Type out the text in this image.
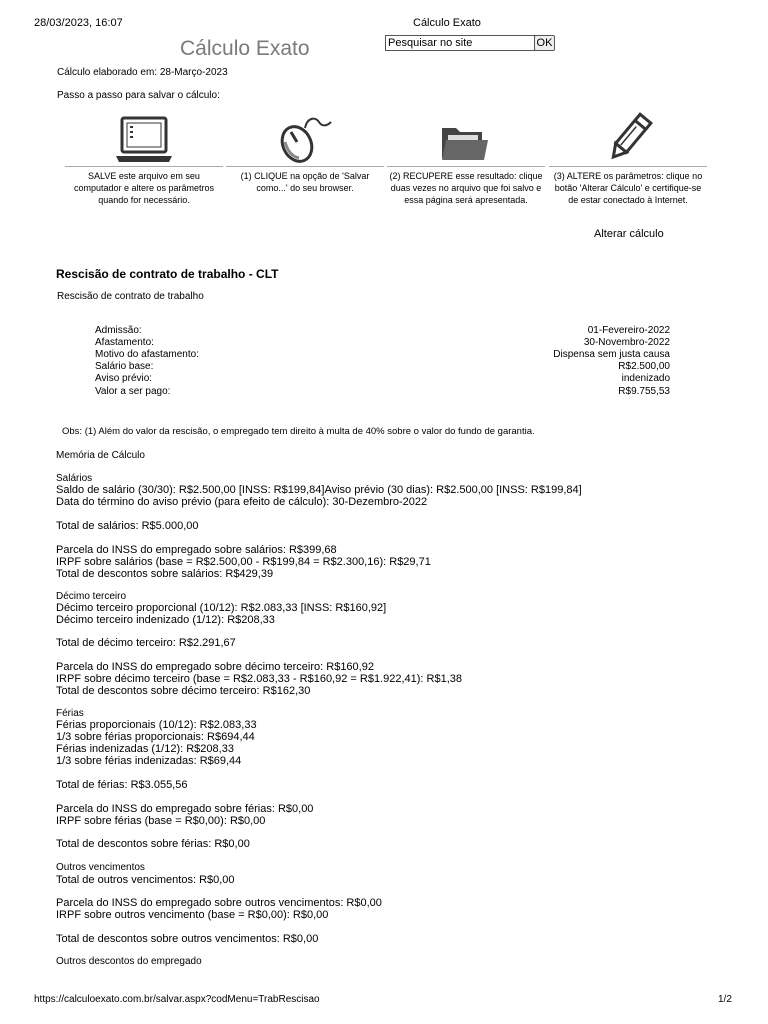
28/03/2023, 16:07	Cálculo Exato
Cálculo Exato
Pesquisar no site	OK
Cálculo elaborado em: 28-Março-2023
Passo a passo para salvar o cálculo:
SALVE este arquivo em seu computador e altere os parâmetros quando for necessário.
(1) CLIQUE na opção de 'Salvar como...' do seu browser.
(2) RECUPERE esse resultado: clique duas vezes no arquivo que foi salvo e essa página será apresentada.
(3) ALTERE os parâmetros: clique no botão 'Alterar Cálculo' e certifique-se de estar conectado à Internet.
Alterar cálculo
Rescisão de contrato de trabalho - CLT
Rescisão de contrato de trabalho
Admissão:	01-Fevereiro-2022
Afastamento:	30-Novembro-2022
Motivo do afastamento:	Dispensa sem justa causa
Salário base:	R$2.500,00
Aviso prévio:	indenizado
Valor a ser pago:	R$9.755,53
Obs: (1) Além do valor da rescisão, o empregado tem direito à multa de 40% sobre o valor do fundo de garantia.
Memória de Cálculo
Salários
Saldo de salário (30/30): R$2.500,00 [INSS: R$199,84]Aviso prévio (30 dias): R$2.500,00 [INSS: R$199,84]
Data do término do aviso prévio (para efeito de cálculo): 30-Dezembro-2022
Total de salários: R$5.000,00
Parcela do INSS do empregado sobre salários: R$399,68
IRPF sobre salários (base = R$2.500,00 - R$199,84 = R$2.300,16): R$29,71
Total de descontos sobre salários: R$429,39
Décimo terceiro
Décimo terceiro proporcional (10/12): R$2.083,33 [INSS: R$160,92]
Décimo terceiro indenizado (1/12): R$208,33
Total de décimo terceiro: R$2.291,67
Parcela do INSS do empregado sobre décimo terceiro: R$160,92
IRPF sobre décimo terceiro (base = R$2.083,33 - R$160,92 = R$1.922,41): R$1,38
Total de descontos sobre décimo terceiro: R$162,30
Férias
Férias proporcionais (10/12): R$2.083,33
1/3 sobre férias proporcionais: R$694,44
Férias indenizadas (1/12): R$208,33
1/3 sobre férias indenizadas: R$69,44
Total de férias: R$3.055,56
Parcela do INSS do empregado sobre férias: R$0,00
IRPF sobre férias (base = R$0,00): R$0,00
Total de descontos sobre férias: R$0,00
Outros vencimentos
Total de outros vencimentos: R$0,00
Parcela do INSS do empregado sobre outros vencimentos: R$0,00
IRPF sobre outros vencimento (base = R$0,00): R$0,00
Total de descontos sobre outros vencimentos: R$0,00
Outros descontos do empregado
https://calculoexato.com.br/salvar.aspx?codMenu=TrabRescisao	1/2
